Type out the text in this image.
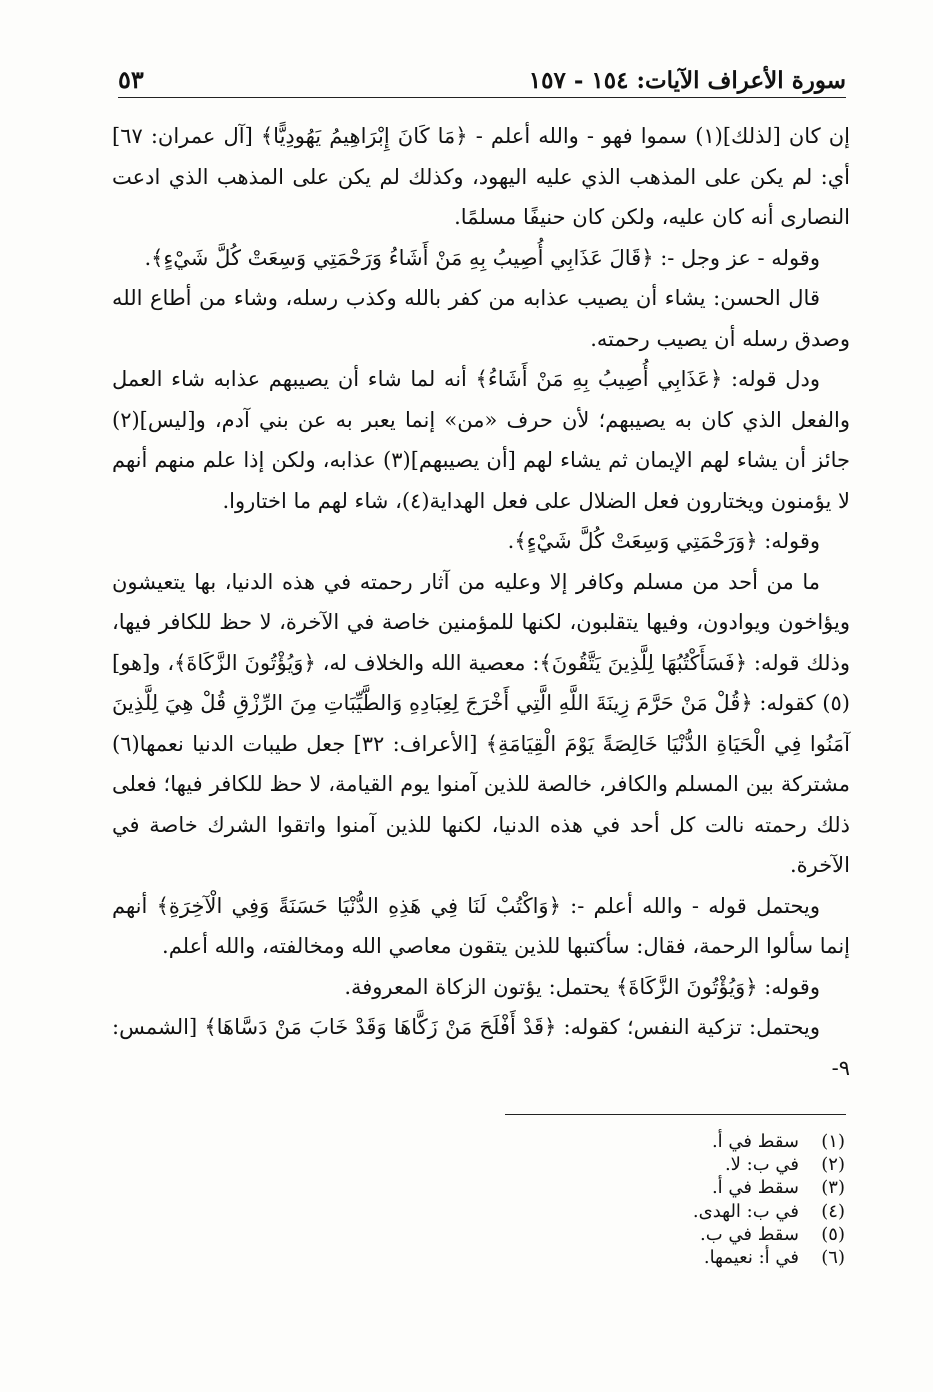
سورة الأعراف الآيات: ١٥٤ - ١٥٧
٥٣

إن كان [لذلك](١) سموا فهو - والله أعلم - ﴿مَا كَانَ إِبْرَاهِيمُ يَهُودِيًّا﴾ [آل عمران: ٦٧] أي: لم يكن على المذهب الذي عليه اليهود، وكذلك لم يكن على المذهب الذي ادعت النصارى أنه كان عليه، ولكن كان حنيفًا مسلمًا.

وقوله - عز وجل -: ﴿قَالَ عَذَابِي أُصِيبُ بِهِ مَنْ أَشَاءُ وَرَحْمَتِي وَسِعَتْ كُلَّ شَيْءٍ﴾.

قال الحسن: يشاء أن يصيب عذابه من كفر بالله وكذب رسله، وشاء من أطاع الله وصدق رسله أن يصيب رحمته.

ودل قوله: ﴿عَذَابِي أُصِيبُ بِهِ مَنْ أَشَاءُ﴾ أنه لما شاء أن يصيبهم عذابه شاء العمل والفعل الذي كان به يصيبهم؛ لأن حرف «من» إنما يعبر به عن بني آدم، و[ليس](٢) جائز أن يشاء لهم الإيمان ثم يشاء لهم [أن يصيبهم](٣) عذابه، ولكن إذا علم منهم أنهم لا يؤمنون ويختارون فعل الضلال على فعل الهداية(٤)، شاء لهم ما اختاروا.

وقوله: ﴿وَرَحْمَتِي وَسِعَتْ كُلَّ شَيْءٍ﴾.

ما من أحد من مسلم وكافر إلا وعليه من آثار رحمته في هذه الدنيا، بها يتعيشون ويؤاخون ويوادون، وفيها يتقلبون، لكنها للمؤمنين خاصة في الآخرة، لا حظ للكافر فيها، وذلك قوله: ﴿فَسَأَكْتُبُهَا لِلَّذِينَ يَتَّقُونَ﴾: معصية الله والخلاف له، ﴿وَيُؤْتُونَ الزَّكَاةَ﴾، و[هو](٥) كقوله: ﴿قُلْ مَنْ حَرَّمَ زِينَةَ اللَّهِ الَّتِي أَخْرَجَ لِعِبَادِهِ وَالطَّيِّبَاتِ مِنَ الرِّزْقِ قُلْ هِيَ لِلَّذِينَ آمَنُوا فِي الْحَيَاةِ الدُّنْيَا خَالِصَةً يَوْمَ الْقِيَامَةِ﴾ [الأعراف: ٣٢] جعل طيبات الدنيا نعمها(٦) مشتركة بين المسلم والكافر، خالصة للذين آمنوا يوم القيامة، لا حظ للكافر فيها؛ فعلى ذلك رحمته نالت كل أحد في هذه الدنيا، لكنها للذين آمنوا واتقوا الشرك خاصة في الآخرة.

ويحتمل قوله - والله أعلم -: ﴿وَاكْتُبْ لَنَا فِي هَذِهِ الدُّنْيَا حَسَنَةً وَفِي الْآخِرَةِ﴾ أنهم إنما سألوا الرحمة، فقال: سأكتبها للذين يتقون معاصي الله ومخالفته، والله أعلم.

وقوله: ﴿وَيُؤْتُونَ الزَّكَاةَ﴾ يحتمل: يؤتون الزكاة المعروفة.

ويحتمل: تزكية النفس؛ كقوله: ﴿قَدْ أَفْلَحَ مَنْ زَكَّاهَا وَقَدْ خَابَ مَنْ دَسَّاهَا﴾ [الشمس: ٩-

(١)
سقط في أ.
(٢)
في ب: لا.
(٣)
سقط في أ.
(٤)
في ب: الهدى.
(٥)
سقط في ب.
(٦)
في أ: نعيمها.
